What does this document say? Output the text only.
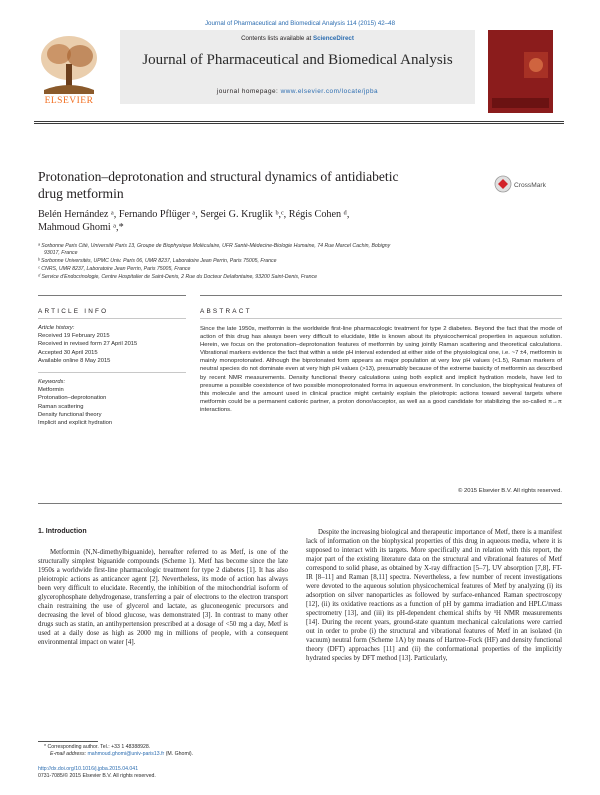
Journal of Pharmaceutical and Biomedical Analysis 114 (2015) 42–48
ELSEVIER
Contents lists available at ScienceDirect
Journal of Pharmaceutical and Biomedical Analysis
journal homepage: www.elsevier.com/locate/jpba
Protonation–deprotonation and structural dynamics of antidiabetic
drug metformin
CrossMark
Belén Hernández ᵃ, Fernando Pflüger ᵃ, Sergei G. Kruglik ᵇ,ᶜ, Régis Cohen ᵈ,
Mahmoud Ghomi ᵃ,*
ᵃ Sorbonne Paris Cité, Université Paris 13, Groupe de Biophysique Moléculaire, UFR Santé-Médecine-Biologie Humaine, 74 Rue Marcel Cachin, Bobigny
93017, France
ᵇ Sorbonne Universités, UPMC Univ. Paris 06, UMR 8237, Laboratoire Jean Perrin, Paris 75005, France
ᶜ CNRS, UMR 8237, Laboratoire Jean Perrin, Paris 75005, France
ᵈ Service d'Endocrinologie, Centre Hospitalier de Saint-Denis, 2 Rue du Docteur Delafontaine, 93200 Saint-Denis, France
ARTICLE INFO	ABSTRACT
Article history:
Received 19 February 2015
Received in revised form 27 April 2015
Accepted 30 April 2015
Available online 8 May 2015
Keywords:
Metformin
Protonation–deprotonation
Raman scattering
Density functional theory
Implicit and explicit hydration
Since the late 1950s, metformin is the worldwide first-line pharmacologic treatment for type 2 diabetes. Beyond the fact that the mode of action of this drug has always been very difficult to elucidate, little is known about its physicochemical properties in aqueous solution. Herein, we focus on the protonation–deprotonation features of metformin by using jointly Raman scattering and theoretical calculations. Vibrational markers evidence the fact that within a wide pH interval extended at either side of the physiological one, i.e. ~7 ±4, metformin is mainly monoprotonated. Although the biprotonated form appears as major population at very low pH values (<1.5), Raman markers of neutral species do not dominate even at very high pH values (>13), presumably because of the extreme basicity of metformin as described by recent NMR measurements. Density functional theory calculations using both explicit and implicit hydration models, have led to presume a possible coexistence of two possible monoprotonated forms in aqueous environment. In conclusion, the biophysical features of this molecule and the amount used in clinical practice might certainly explain the pleiotropic actions toward several targets where metformin could be a permanent cationic partner, a proton donor/acceptor, as well as a good candidate for stabilizing the so-called π→π interactions.
© 2015 Elsevier B.V. All rights reserved.
1. Introduction
Metformin (N,N-dimethylbiguanide), hereafter referred to as Metf, is one of the structurally simplest biguanide compounds (Scheme 1). Metf has become since the late 1950s a worldwide first-line pharmacologic treatment for type 2 diabetes [1]. It has also pleiotropic actions as anticancer agent [2]. Nevertheless, its mode of action has always been very difficult to elucidate. Recently, the inhibition of the mitochondrial isoform of glycerophosphate dehydrogenase, transferring a pair of electrons to the electron transport chain restraining the use of glycerol and lactate, as gluconeogenic precursors and decreasing the level of blood glucose, was demonstrated [3]. In contrast to many other drugs such as statin, an antihypertension prescribed at a dosage of <50 mg a day, Metf is used at a daily dose as high as 2000 mg in millions of people, with a consequent environmental impact on water [4].
Despite the increasing biological and therapeutic importance of Metf, there is a manifest lack of information on the biophysical properties of this drug in aqueous media, where it is supposed to interact with its targets. More specifically and in relation with this report, the major part of the existing literature data on the structural and vibrational features of Metf correspond to solid phase, as obtained by X-ray diffraction [5–7], UV absorption [7,8], FT-IR [8–11] and Raman [8,11] spectra. Nevertheless, a few number of recent investigations were devoted to the aqueous solution physicochemical features of Metf by analyzing (i) its adsorption on silver nanoparticles as followed by surface-enhanced Raman spectroscopy [12], (ii) its oxidative reactions as a function of pH by gamma irradiation and HPLC/mass spectrometry [13], and (iii) its pH-dependent chemical shifts by ¹H NMR measurements [14]. During the recent years, ground-state quantum mechanical calculations were carried out in order to probe (i) the structural and vibrational features of Metf in an isolated (in vacuum) neutral form (Scheme 1A) by means of Hartree–Fock (HF) and density functional theory (DFT) approaches [11] and (ii) the conformational properties of the implicitly hydrated species by DFT method [13]. Particularly,
* Corresponding author. Tel.: +33 1 48388928.
E-mail address: mahmoud.ghomi@univ-paris13.fr (M. Ghomi).
http://dx.doi.org/10.1016/j.jpba.2015.04.041
0731-7085/© 2015 Elsevier B.V. All rights reserved.
